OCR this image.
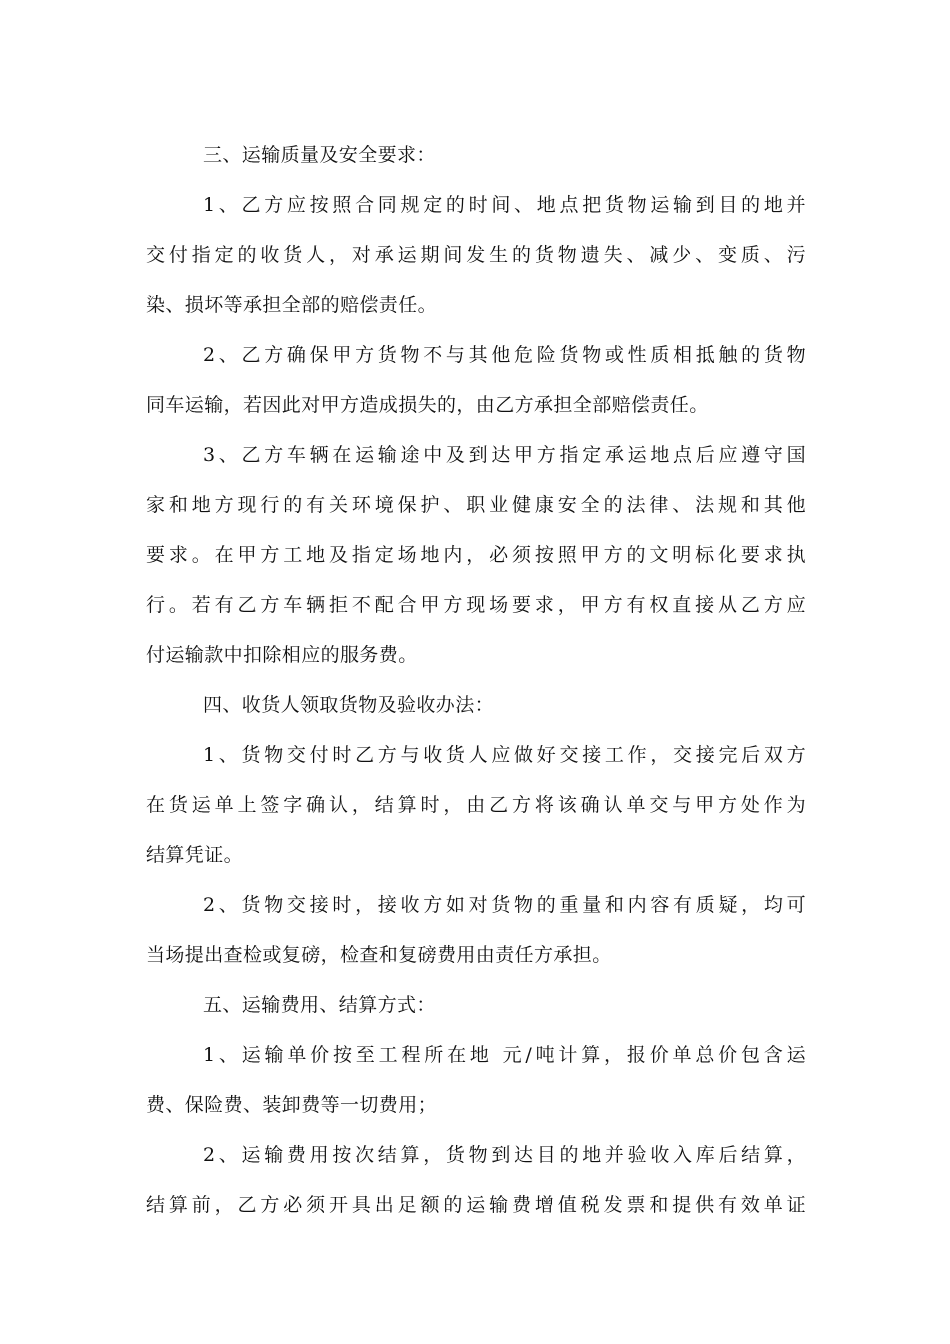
三、运输质量及安全要求：
1、乙方应按照合同规定的时间、地点把货物运输到目的地并
交付指定的收货人，对承运期间发生的货物遗失、减少、变质、污
染、损坏等承担全部的赔偿责任。
2、乙方确保甲方货物不与其他危险货物或性质相抵触的货物
同车运输，若因此对甲方造成损失的，由乙方承担全部赔偿责任。
3、乙方车辆在运输途中及到达甲方指定承运地点后应遵守国
家和地方现行的有关环境保护、职业健康安全的法律、法规和其他
要求。在甲方工地及指定场地内，必须按照甲方的文明标化要求执
行。若有乙方车辆拒不配合甲方现场要求，甲方有权直接从乙方应
付运输款中扣除相应的服务费。
四、收货人领取货物及验收办法：
1、货物交付时乙方与收货人应做好交接工作，交接完后双方
在货运单上签字确认，结算时，由乙方将该确认单交与甲方处作为
结算凭证。
2、货物交接时，接收方如对货物的重量和内容有质疑，均可
当场提出查检或复磅，检查和复磅费用由责任方承担。
五、运输费用、结算方式：
1、运输单价按至工程所在地 元/吨计算，报价单总价包含运
费、保险费、装卸费等一切费用；
2、运输费用按次结算，货物到达目的地并验收入库后结算，
结算前，乙方必须开具出足额的运输费增值税发票和提供有效单证
